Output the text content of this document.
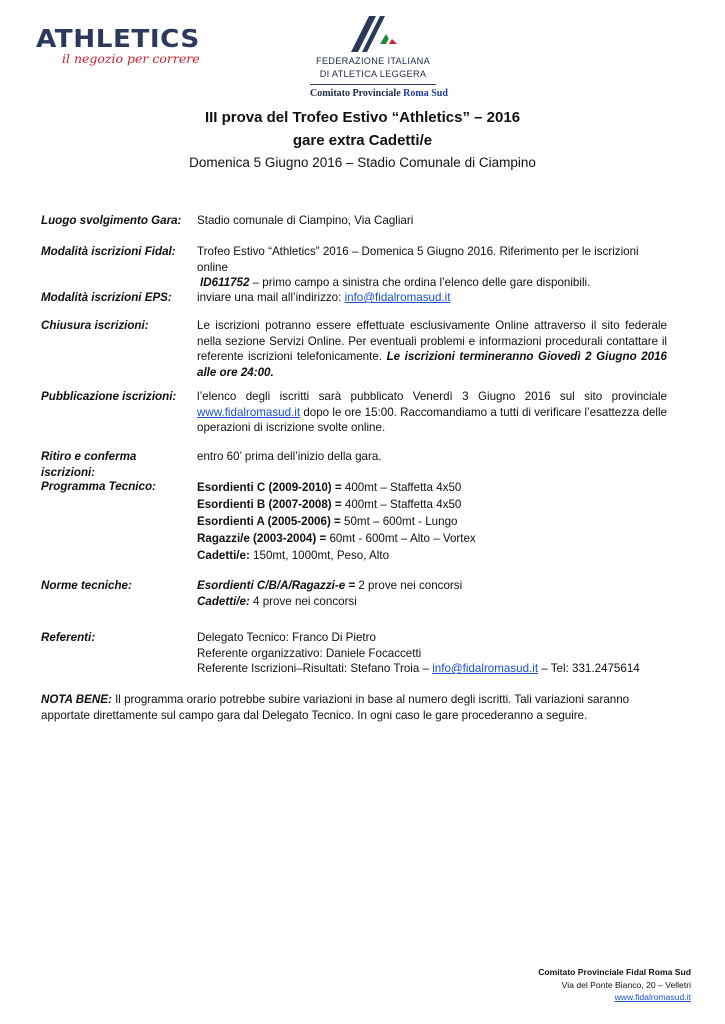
ATHLETICS
il negozio per correre	FEDERAZIONE ITALIANA
DI ATLETICA LEGGERA
Comitato Provinciale Roma Sud
III prova del Trofeo Estivo “Athletics” – 2016
gare extra Cadetti/e
Domenica 5 Giugno 2016 – Stadio Comunale di Ciampino
Luogo svolgimento Gara:	Stadio comunale di Ciampino, Via Cagliari
Modalità iscrizioni Fidal:	Trofeo Estivo “Athletics” 2016 – Domenica 5 Giugno 2016. Riferimento per le iscrizioni online
ID611752 – primo campo a sinistra che ordina l’elenco delle gare disponibili.
Modalità iscrizioni EPS:	inviare una mail all’indirizzo: info@fidalromasud.it
Chiusura iscrizioni:	Le iscrizioni potranno essere effettuate esclusivamente Online attraverso il sito federale nella sezione Servizi Online. Per eventuali problemi e informazioni procedurali contattare il referente iscrizioni telefonicamente. Le iscrizioni termineranno Giovedì 2 Giugno 2016 alle ore 24:00.
Pubblicazione iscrizioni:	l’elenco degli iscritti sarà pubblicato Venerdì 3 Giugno 2016 sul sito provinciale www.fidalromasud.it dopo le ore 15:00. Raccomandiamo a tutti di verificare l’esattezza delle operazioni di iscrizione svolte online.
Ritiro e conferma iscrizioni:
entro 60’ prima dell’inizio della gara.
Programma Tecnico:	Esordienti C (2009-2010) = 400mt – Staffetta 4x50
Esordienti B (2007-2008) = 400mt – Staffetta 4x50
Esordienti A (2005-2006) = 50mt – 600mt - Lungo
Ragazzi/e (2003-2004) = 60mt - 600mt – Alto – Vortex
Cadetti/e: 150mt, 1000mt, Peso, Alto
Norme tecniche:	Esordienti C/B/A/Ragazzi-e = 2 prove nei concorsi
Cadetti/e: 4 prove nei concorsi
Referenti:	Delegato Tecnico: Franco Di Pietro
Referente organizzativo: Daniele Focaccetti
Referente Iscrizioni–Risultati: Stefano Troia – info@fidalromasud.it – Tel: 331.2475614
NOTA BENE: Il programma orario potrebbe subire variazioni in base al numero degli iscritti. Tali variazioni saranno apportate direttamente sul campo gara dal Delegato Tecnico. In ogni caso le gare procederanno a seguire.
Comitato Provinciale Fidal Roma Sud
Via del Ponte Bianco, 20 – Velletri
www.fidalromasud.it
